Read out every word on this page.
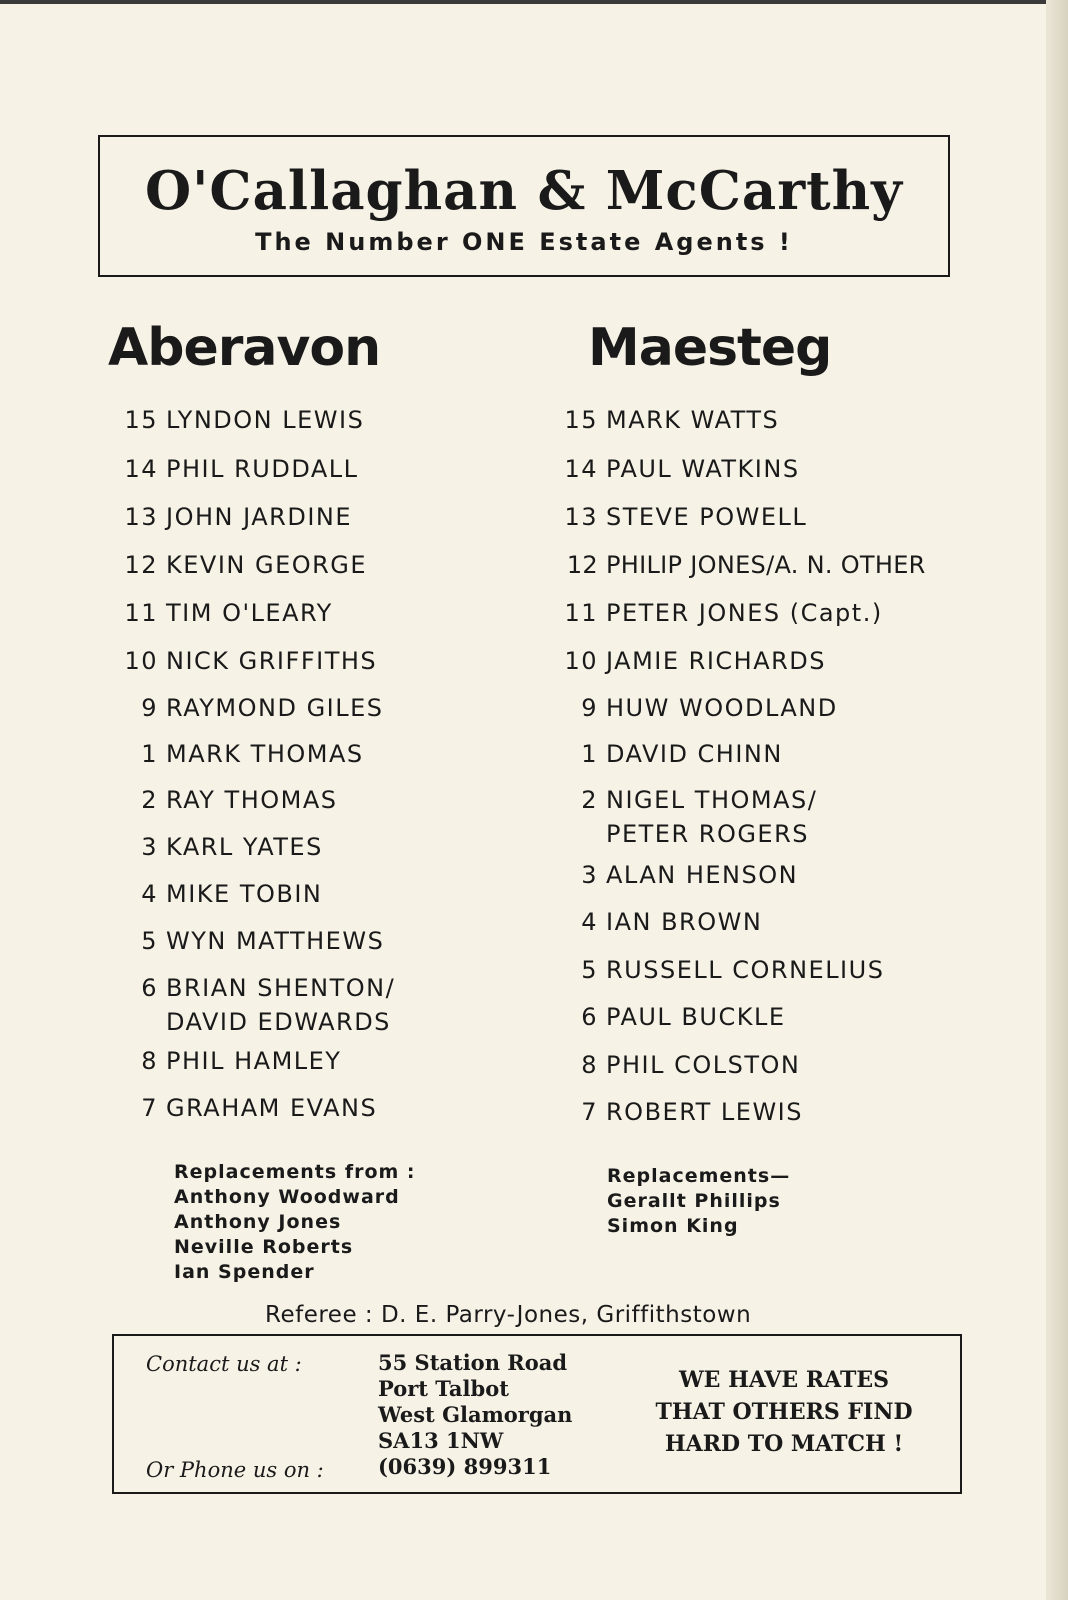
O'Callaghan & McCarthy
The Number ONE Estate Agents !
Aberavon	Maesteg
15 LYNDON LEWIS
14 PHIL RUDDALL
13 JOHN JARDINE
12 KEVIN GEORGE
11 TIM O'LEARY
10 NICK GRIFFITHS
9 RAYMOND GILES
1 MARK THOMAS
2 RAY THOMAS
3 KARL YATES
4 MIKE TOBIN
5 WYN MATTHEWS
6 BRIAN SHENTON/
DAVID EDWARDS
8 PHIL HAMLEY
7 GRAHAM EVANS
15 MARK WATTS
14 PAUL WATKINS
13 STEVE POWELL
12 PHILIP JONES/A. N. OTHER
11 PETER JONES (Capt.)
10 JAMIE RICHARDS
9 HUW WOODLAND
1 DAVID CHINN
2 NIGEL THOMAS/
PETER ROGERS
3 ALAN HENSON
4 IAN BROWN
5 RUSSELL CORNELIUS
6 PAUL BUCKLE
8 PHIL COLSTON
7 ROBERT LEWIS
Replacements from :
Anthony Woodward
Anthony Jones
Neville Roberts
Ian Spender
Replacements—
Gerallt Phillips
Simon King
Referee : D. E. Parry-Jones, Griffithstown
Contact us at :
Or Phone us on :
55 Station Road
Port Talbot
West Glamorgan
SA13 1NW
(0639) 899311
WE HAVE RATES
THAT OTHERS FIND
HARD TO MATCH !
